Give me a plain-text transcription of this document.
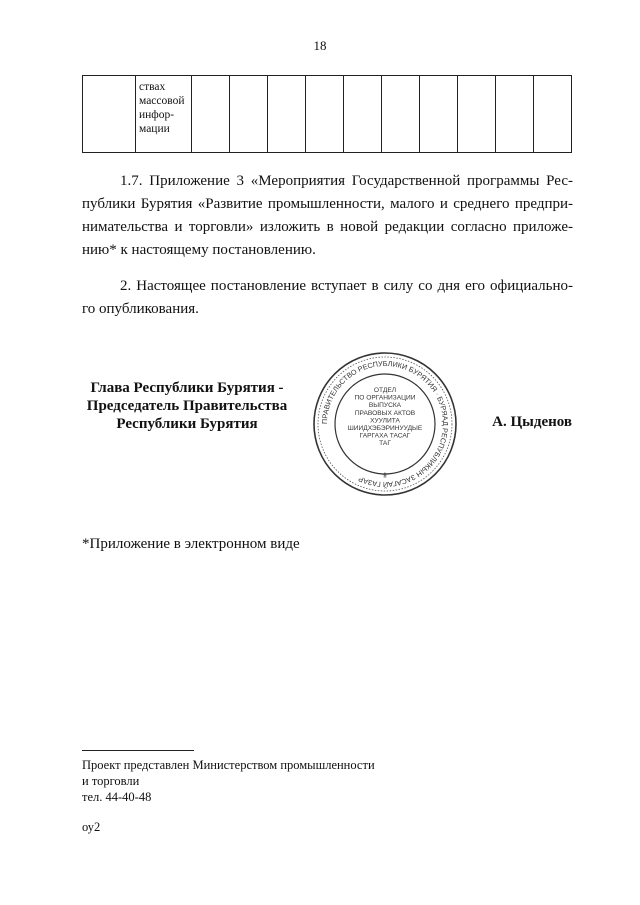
18

ствах
массовой
инфор-
мации

1.7. Приложение 3 «Мероприятия Государственной программы Рес-
публики Бурятия «Развитие промышленности, малого и среднего предпри-
нимательства и торговли» изложить в новой редакции согласно приложе-
нию* к настоящему постановлению.
2. Настоящее постановление вступает в силу со дня его официально-
го опубликования.
Глава Республики Бурятия -
Председатель Правительства
Республики Бурятия	ПРАВИТЕЛЬСТВО РЕСПУБЛИКИ БУРЯТИЯ · БУРЯАД РЕСПУБЛИКЫН ЗАСАГАЙ ГАЗАР
ОТДЕЛ
ПО ОРГАНИЗАЦИИ
ВЫПУСКА
ПРАВОВЫХ АКТОВ
ХУУЛИТА
ШИИДХЭБЭРИНУУДЫЕ
ГАРГАХА ТАСАГ
ТАГ
⚜
А. Цыденов
*Приложение в электронном виде
Проект представлен Министерством промышленности
и торговли
тел. 44-40-48
оу2
